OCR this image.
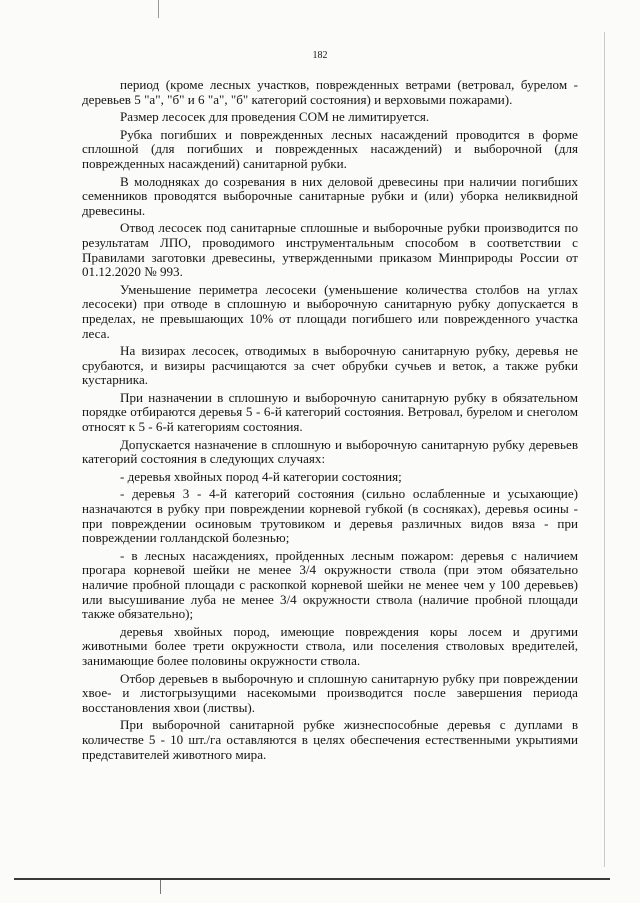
182

период (кроме лесных участков, поврежденных ветрами (ветровал, бурелом - деревьев 5 "а", "б" и 6 "а", "б" категорий состояния) и верховыми пожарами).

Размер лесосек для проведения СОМ не лимитируется.

Рубка погибших и поврежденных лесных насаждений проводится в форме сплошной (для погибших и поврежденных насаждений) и выборочной (для поврежденных насаждений) санитарной рубки.

В молодняках до созревания в них деловой древесины при наличии погибших семенников проводятся выборочные санитарные рубки и (или) уборка неликвидной древесины.

Отвод лесосек под санитарные сплошные и выборочные рубки производится по результатам ЛПО, проводимого инструментальным способом в соответствии с Правилами заготовки древесины, утвержденными приказом Минприроды России от 01.12.2020 № 993.

Уменьшение периметра лесосеки (уменьшение количества столбов на углах лесосеки) при отводе в сплошную и выборочную санитарную рубку допускается в пределах, не превышающих 10% от площади погибшего или поврежденного участка леса.

На визирах лесосек, отводимых в выборочную санитарную рубку, деревья не срубаются, и визиры расчищаются за счет обрубки сучьев и веток, а также рубки кустарника.

При назначении в сплошную и выборочную санитарную рубку в обязательном порядке отбираются деревья 5 - 6-й категорий состояния. Ветровал, бурелом и снеголом относят к 5 - 6-й категориям состояния.

Допускается назначение в сплошную и выборочную санитарную рубку деревьев категорий состояния в следующих случаях:

- деревья хвойных пород 4-й категории состояния;

- деревья 3 - 4-й категорий состояния (сильно ослабленные и усыхающие) назначаются в рубку при повреждении корневой губкой (в сосняках), деревья осины - при повреждении осиновым трутовиком и деревья различных видов вяза - при повреждении голландской болезнью;

- в лесных насаждениях, пройденных лесным пожаром: деревья с наличием прогара корневой шейки не менее 3/4 окружности ствола (при этом обязательно наличие пробной площади с раскопкой корневой шейки не менее чем у 100 деревьев) или высушивание луба не менее 3/4 окружности ствола (наличие пробной площади также обязательно);

деревья хвойных пород, имеющие повреждения коры лосем и другими животными более трети окружности ствола, или поселения стволовых вредителей, занимающие более половины окружности ствола.

Отбор деревьев в выборочную и сплошную санитарную рубку при повреждении хвое- и листогрызущими насекомыми производится после завершения периода восстановления хвои (листвы).

При выборочной санитарной рубке жизнеспособные деревья с дуплами в количестве 5 - 10 шт./га оставляются в целях обеспечения естественными укрытиями представителей животного мира.
